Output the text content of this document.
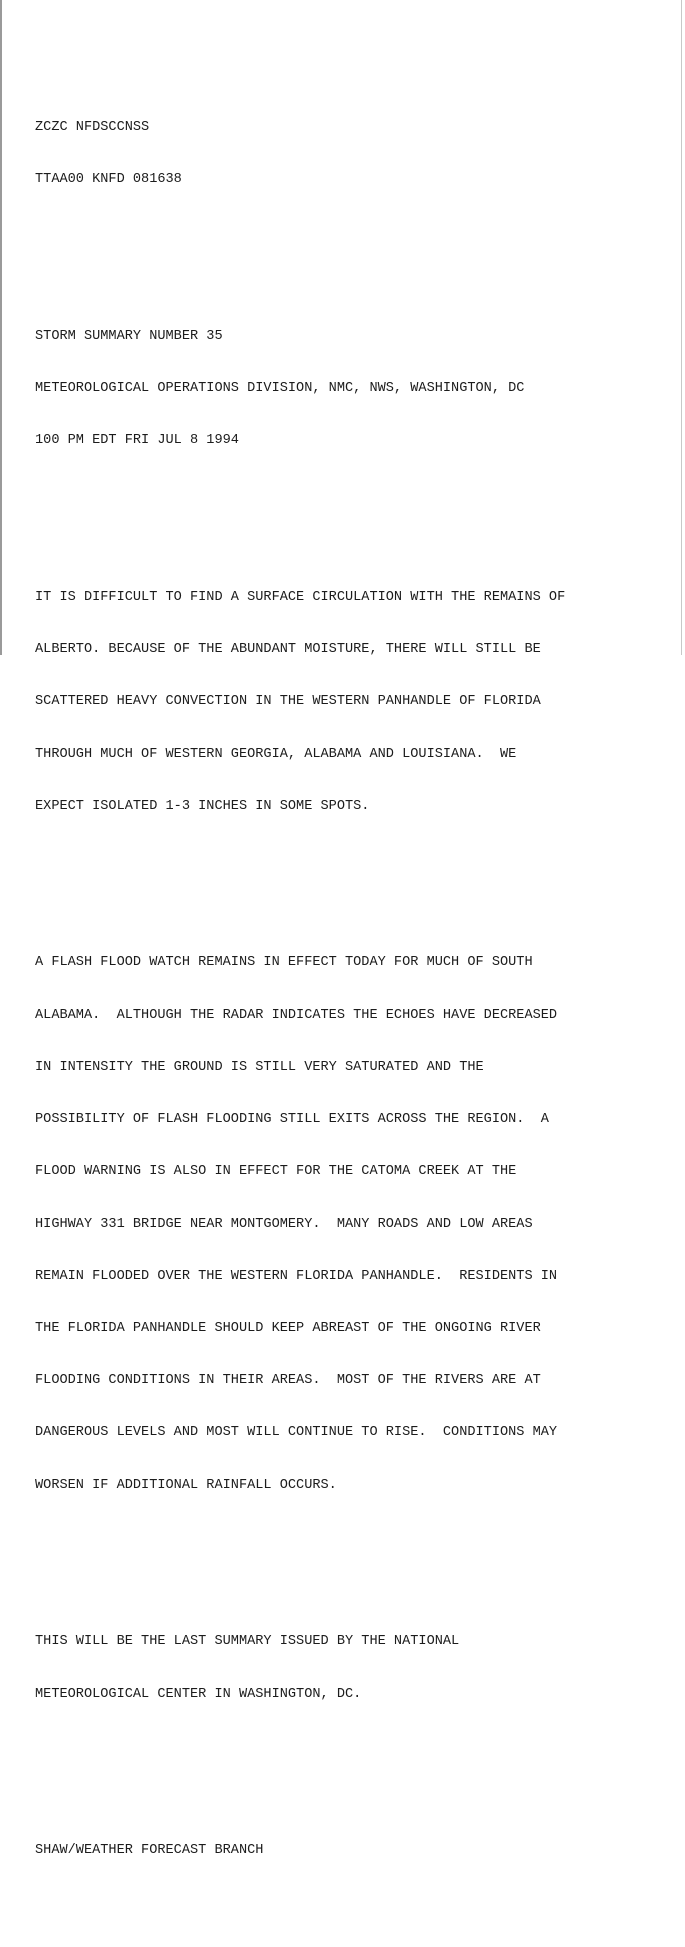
ZCZC NFDSCCNSS

TTAA00 KNFD 081638

STORM SUMMARY NUMBER 35

METEOROLOGICAL OPERATIONS DIVISION, NMC, NWS, WASHINGTON, DC

100 PM EDT FRI JUL 8 1994

IT IS DIFFICULT TO FIND A SURFACE CIRCULATION WITH THE REMAINS OF

ALBERTO. BECAUSE OF THE ABUNDANT MOISTURE, THERE WILL STILL BE

SCATTERED HEAVY CONVECTION IN THE WESTERN PANHANDLE OF FLORIDA

THROUGH MUCH OF WESTERN GEORGIA, ALABAMA AND LOUISIANA.  WE

EXPECT ISOLATED 1-3 INCHES IN SOME SPOTS.

A FLASH FLOOD WATCH REMAINS IN EFFECT TODAY FOR MUCH OF SOUTH

ALABAMA.  ALTHOUGH THE RADAR INDICATES THE ECHOES HAVE DECREASED

IN INTENSITY THE GROUND IS STILL VERY SATURATED AND THE

POSSIBILITY OF FLASH FLOODING STILL EXITS ACROSS THE REGION.  A

FLOOD WARNING IS ALSO IN EFFECT FOR THE CATOMA CREEK AT THE

HIGHWAY 331 BRIDGE NEAR MONTGOMERY.  MANY ROADS AND LOW AREAS

REMAIN FLOODED OVER THE WESTERN FLORIDA PANHANDLE.  RESIDENTS IN

THE FLORIDA PANHANDLE SHOULD KEEP ABREAST OF THE ONGOING RIVER

FLOODING CONDITIONS IN THEIR AREAS.  MOST OF THE RIVERS ARE AT

DANGEROUS LEVELS AND MOST WILL CONTINUE TO RISE.  CONDITIONS MAY

WORSEN IF ADDITIONAL RAINFALL OCCURS.

THIS WILL BE THE LAST SUMMARY ISSUED BY THE NATIONAL

METEOROLOGICAL CENTER IN WASHINGTON, DC.

SHAW/WEATHER FORECAST BRANCH
